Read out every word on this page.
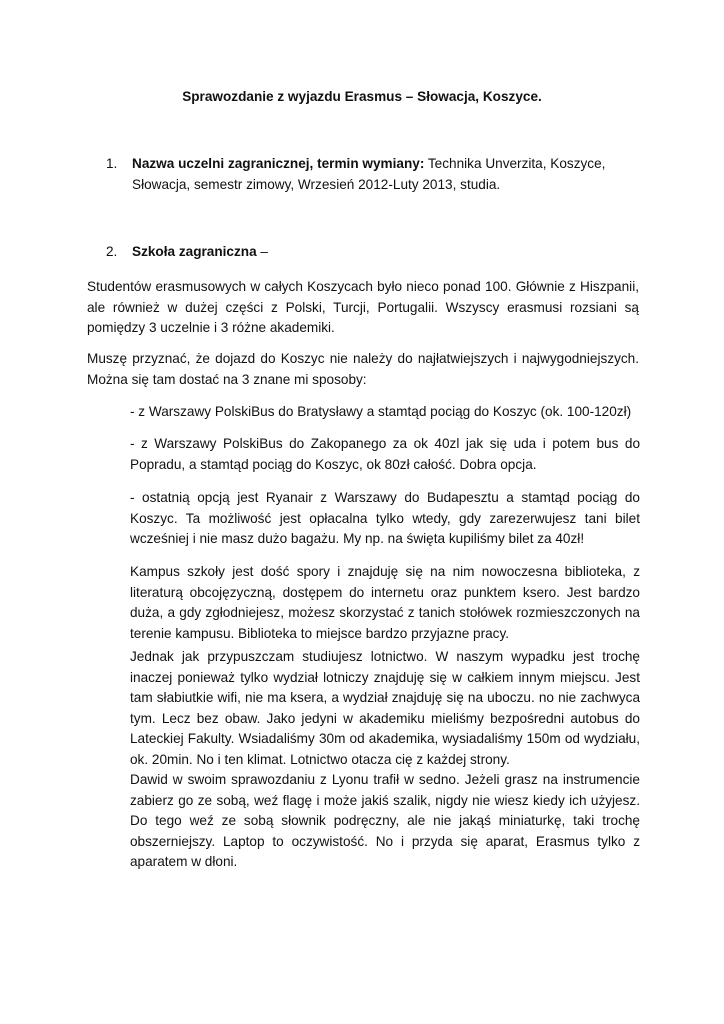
Sprawozdanie z wyjazdu Erasmus – Słowacja, Koszyce.
1. Nazwa uczelni zagranicznej, termin wymiany: Technika Unverzita, Koszyce, Słowacja, semestr zimowy, Wrzesień 2012-Luty 2013, studia.
2. Szkoła zagraniczna –
Studentów erasmusowych w całych Koszycach było nieco ponad 100. Głównie z Hiszpanii, ale również w dużej części z Polski, Turcji, Portugalii. Wszyscy erasmusi rozsiani są pomiędzy 3 uczelnie i 3 różne akademiki.
Muszę przyznać, że dojazd do Koszyc nie należy do najłatwiejszych i najwygodniejszych. Można się tam dostać na 3 znane mi sposoby:
- z Warszawy PolskiBus do Bratysławy a stamtąd pociąg do Koszyc (ok. 100-120zł)
- z Warszawy PolskiBus do Zakopanego za ok 40zl jak się uda i potem bus do Popradu, a stamtąd pociąg do Koszyc, ok 80zł całość. Dobra opcja.
- ostatnią opcją jest Ryanair z Warszawy do Budapesztu a stamtąd pociąg do Koszyc. Ta możliwość jest opłacalna tylko wtedy, gdy zarezerwujesz tani bilet wcześniej i nie masz dużo bagażu. My np. na święta kupiliśmy bilet za 40zł!
Kampus szkoły jest dość spory i znajduję się na nim nowoczesna biblioteka, z literaturą obcojęzyczną, dostępem do internetu oraz punktem ksero. Jest bardzo duża, a gdy zgłodniejesz, możesz skorzystać z tanich stołówek rozmieszczonych na terenie kampusu. Biblioteka to miejsce bardzo przyjazne pracy.
Jednak jak przypuszczam studiujesz lotnictwo. W naszym wypadku jest trochę inaczej ponieważ tylko wydział lotniczy znajduję się w całkiem innym miejscu. Jest tam słabiutkie wifi, nie ma ksera, a wydział znajduję się na uboczu. no nie zachwyca tym. Lecz bez obaw. Jako jedyni w akademiku mieliśmy bezpośredni autobus do Lateckiej Fakulty. Wsiadaliśmy 30m od akademika, wysiadaliśmy 150m od wydziału, ok. 20min. No i ten klimat. Lotnictwo otacza cię z każdej strony.
Dawid w swoim sprawozdaniu z Lyonu trafił w sedno. Jeżeli grasz na instrumencie zabierz go ze sobą, weź flagę i może jakiś szalik, nigdy nie wiesz kiedy ich użyjesz. Do tego weź ze sobą słownik podręczny, ale nie jakąś miniaturkę, taki trochę obszerniejszy. Laptop to oczywistość. No i przyda się aparat, Erasmus tylko z aparatem w dłoni.
